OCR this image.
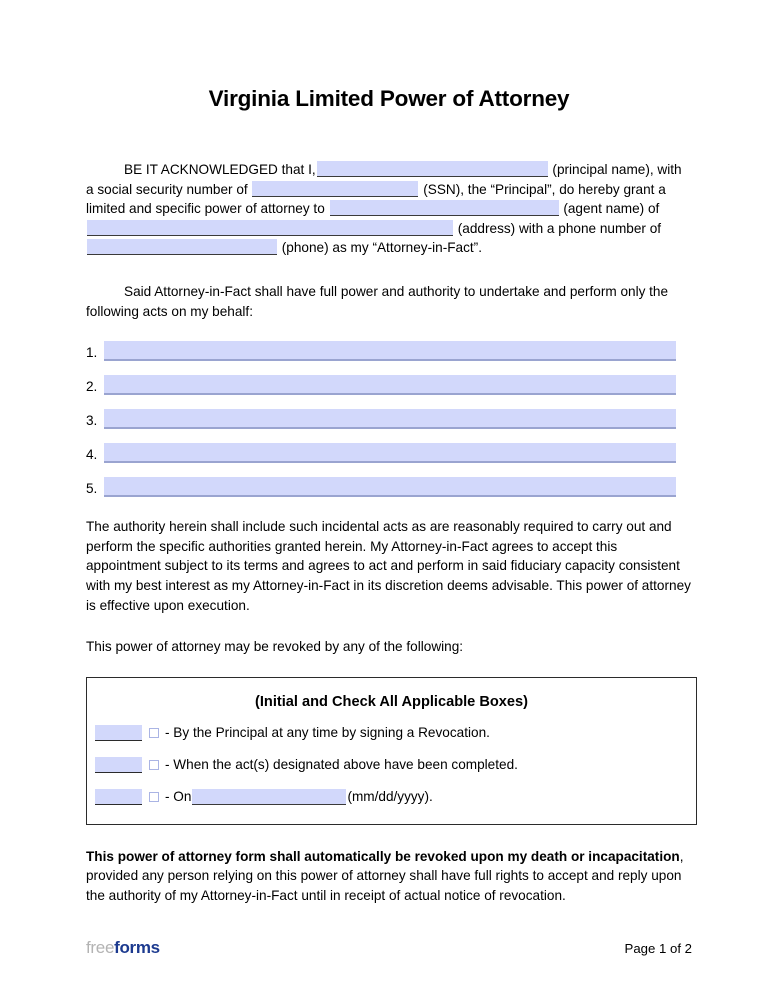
Virginia Limited Power of Attorney

BE IT ACKNOWLEDGED that I,	(principal name), with a social security number of	(SSN), the “Principal”, do hereby grant a limited and specific power of attorney to	(agent name) of  (address) with a phone number of  (phone) as my “Attorney-in-Fact”.

Said Attorney-in-Fact shall have full power and authority to undertake and perform only the following acts on my behalf:

1.
2.
3.
4.
5.

The authority herein shall include such incidental acts as are reasonably required to carry out and perform the specific authorities granted herein. My Attorney-in-Fact agrees to accept this appointment subject to its terms and agrees to act and perform in said fiduciary capacity consistent with my best interest as my Attorney-in-Fact in its discretion deems advisable. This power of attorney is effective upon execution.

This power of attorney may be revoked by any of the following:

(Initial and Check All Applicable Boxes)
- By the Principal at any time by signing a Revocation.
- When the act(s) designated above have been completed.
- On	(mm/dd/yyyy).

This power of attorney form shall automatically be revoked upon my death or incapacitation, provided any person relying on this power of attorney shall have full rights to accept and reply upon the authority of my Attorney-in-Fact until in receipt of actual notice of revocation.

freeforms	Page 1 of 2
